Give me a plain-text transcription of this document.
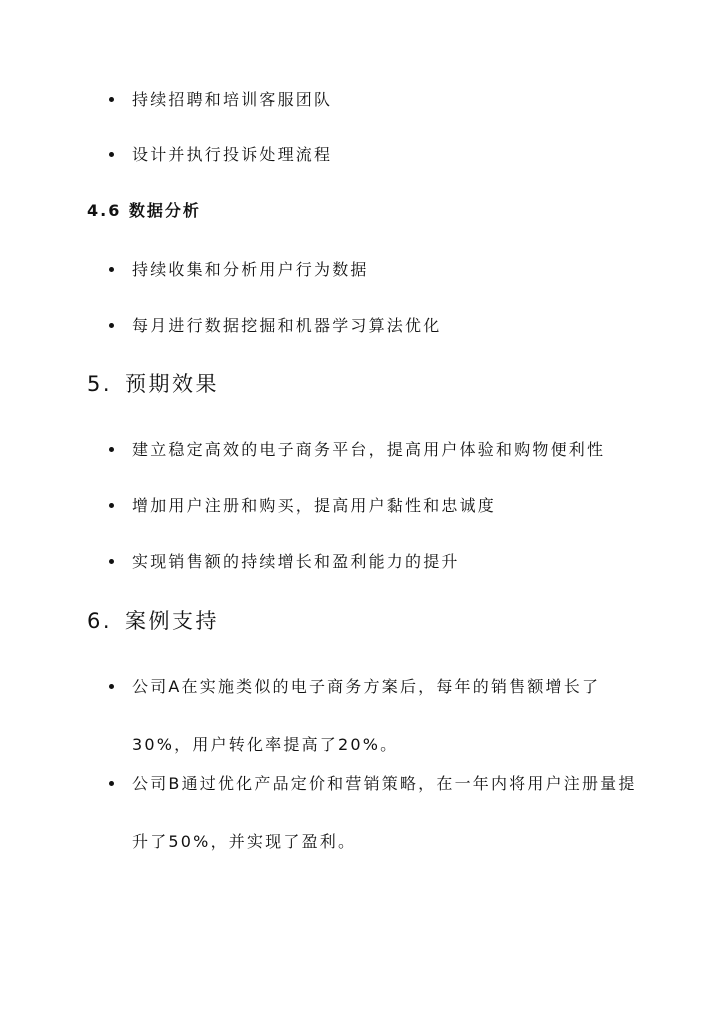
持续招聘和培训客服团队
设计并执行投诉处理流程
4.6 数据分析
持续收集和分析用户行为数据
每月进行数据挖掘和机器学习算法优化
5. 预期效果
建立稳定高效的电子商务平台，提高用户体验和购物便利性
增加用户注册和购买，提高用户黏性和忠诚度
实现销售额的持续增长和盈利能力的提升
6. 案例支持
公司A在实施类似的电子商务方案后，每年的销售额增长了30%，用户转化率提高了20%。
公司B通过优化产品定价和营销策略，在一年内将用户注册量提升了50%，并实现了盈利。
